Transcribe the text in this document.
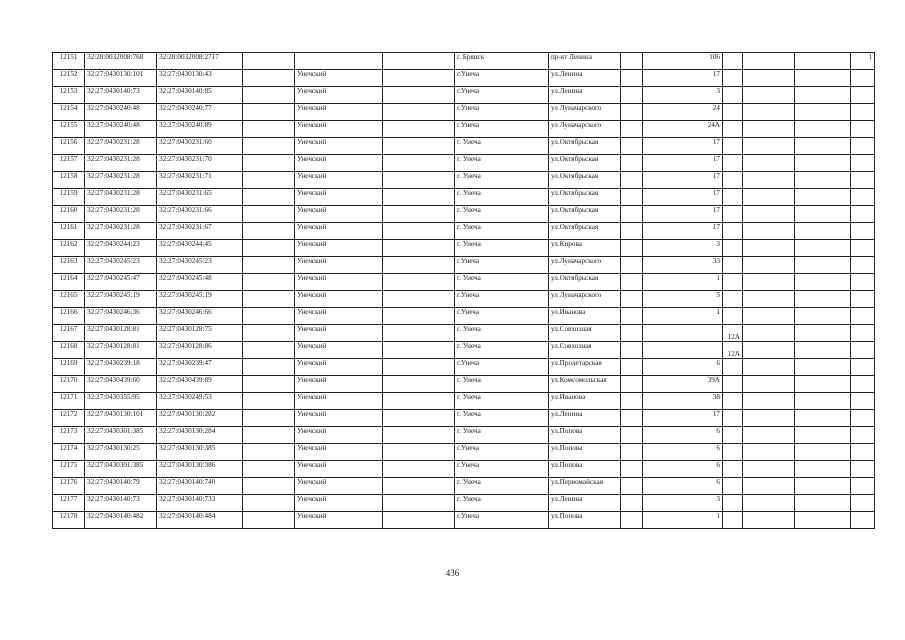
12151	32:28:0032008:768	32:28:0032008:2717				г. Брянск	пр-кт Ленина		106				1
12152	32:27:0430130:101	32:27:0430130:43		Унечский		г.Унеча	ул.Ленина		17				
12153	32:27:0430140:73	32:27:0430140:85		Унечский		г.Унеча	ул.Ленина		3				
12154	32:27:0430240:48	32:27:0430240:77		Унечский		г.Унеча	ул Луначарского		24				
12155	32:27:0430240:48	32:27:0430240:89		Унечский		г.Унеча	ул Луначарского		24А				
12156	32:27:0430231:28	32:27:0430231:60		Унечский		г. Унеча	ул.Октябрьская		17				
12157	32:27:0430231:28	32:27:0430231:70		Унечский		г. Унеча	ул.Октябрьская		17				
12158	32:27:0430231:28	32:27:0430231:71		Унечский		г. Унеча	ул.Октябрьская		17				
12159	32:27:0430231:28	32:27:0430231:65		Унечский		г. Унеча	ул.Октябрьская		17				
12160	32:27:0430231:28	32:27:0430231:66		Унечский		г. Унеча	ул.Октябрьская		17				
12161	32:27:0430231:28	32:27:0430231:67		Унечский		г. Унеча	ул.Октябрьская		17				
12162	32:27:0430244:23	32:27:0430244:45		Унечский		г. Унеча	ул.Кирова		3				
12163	32:27:0430245:23	32:27:0430245:23		Унечский		г.Унеча	ул.Луначарского		33				
12164	32:27:0430245:47	32:27:0430245:48		Унечский		г. Унеча	ул.Октябрьская		1				
12165	32:27:0430245:19	32:27:0430245:19		Унечский		г.Унеча	ул Луначарского		5				
12166	32:27:0430246:36	32:27:0430246:66		Унечский		г.Унеча	ул.Иванова		1				
12167	32:27:0430128:81	32:27:0430128:75		Унечский		г. Унеча	ул.Совхозная			12А			
12168	32:27:0430128:81	32:27:0430128:86		Унечский		г. Унеча	ул.Совхозная			12А			
12169	32:27:0430239:18	32:27:0430239:47		Унечский		г.Унеча	ул.Пролетарская		6				
12170	32:27:0430439:60	32:27:0430439:89		Унечский		г. Унеча	ул.Комсомольская		39А				
12171	32:27:0430355:95	32:27:0430249:53		Унечский		г. Унеча	ул.Иванова		38				
12172	32:27:0430130:101	32:27:0430130:282		Унечский		г. Унеча	ул.Ленина		17				
12173	32:27:0430301:385	32:27:0430130:284		Унечский		г. Унеча	ул.Попова		6				
12174	32:27:0430130:25	32:27:0430130:385		Унечский		г.Унеча	ул.Попова		6				
12175	32:27:0430301:385	32:27:0430130:386		Унечский		г.Унеча	ул.Попова		6				
12176	32:27:0430140:79	32:27:0430140:740		Унечский		г. Унеча	ул.Первомайская		6				
12177	32:27:0430140:73	32:27:0430140:733		Унечский		г. Унеча	ул.Ленина		3				
12178	32:27:0430140:482	32:27:0430140:484		Унечский		г.Унеча	ул.Попова		1				
436
